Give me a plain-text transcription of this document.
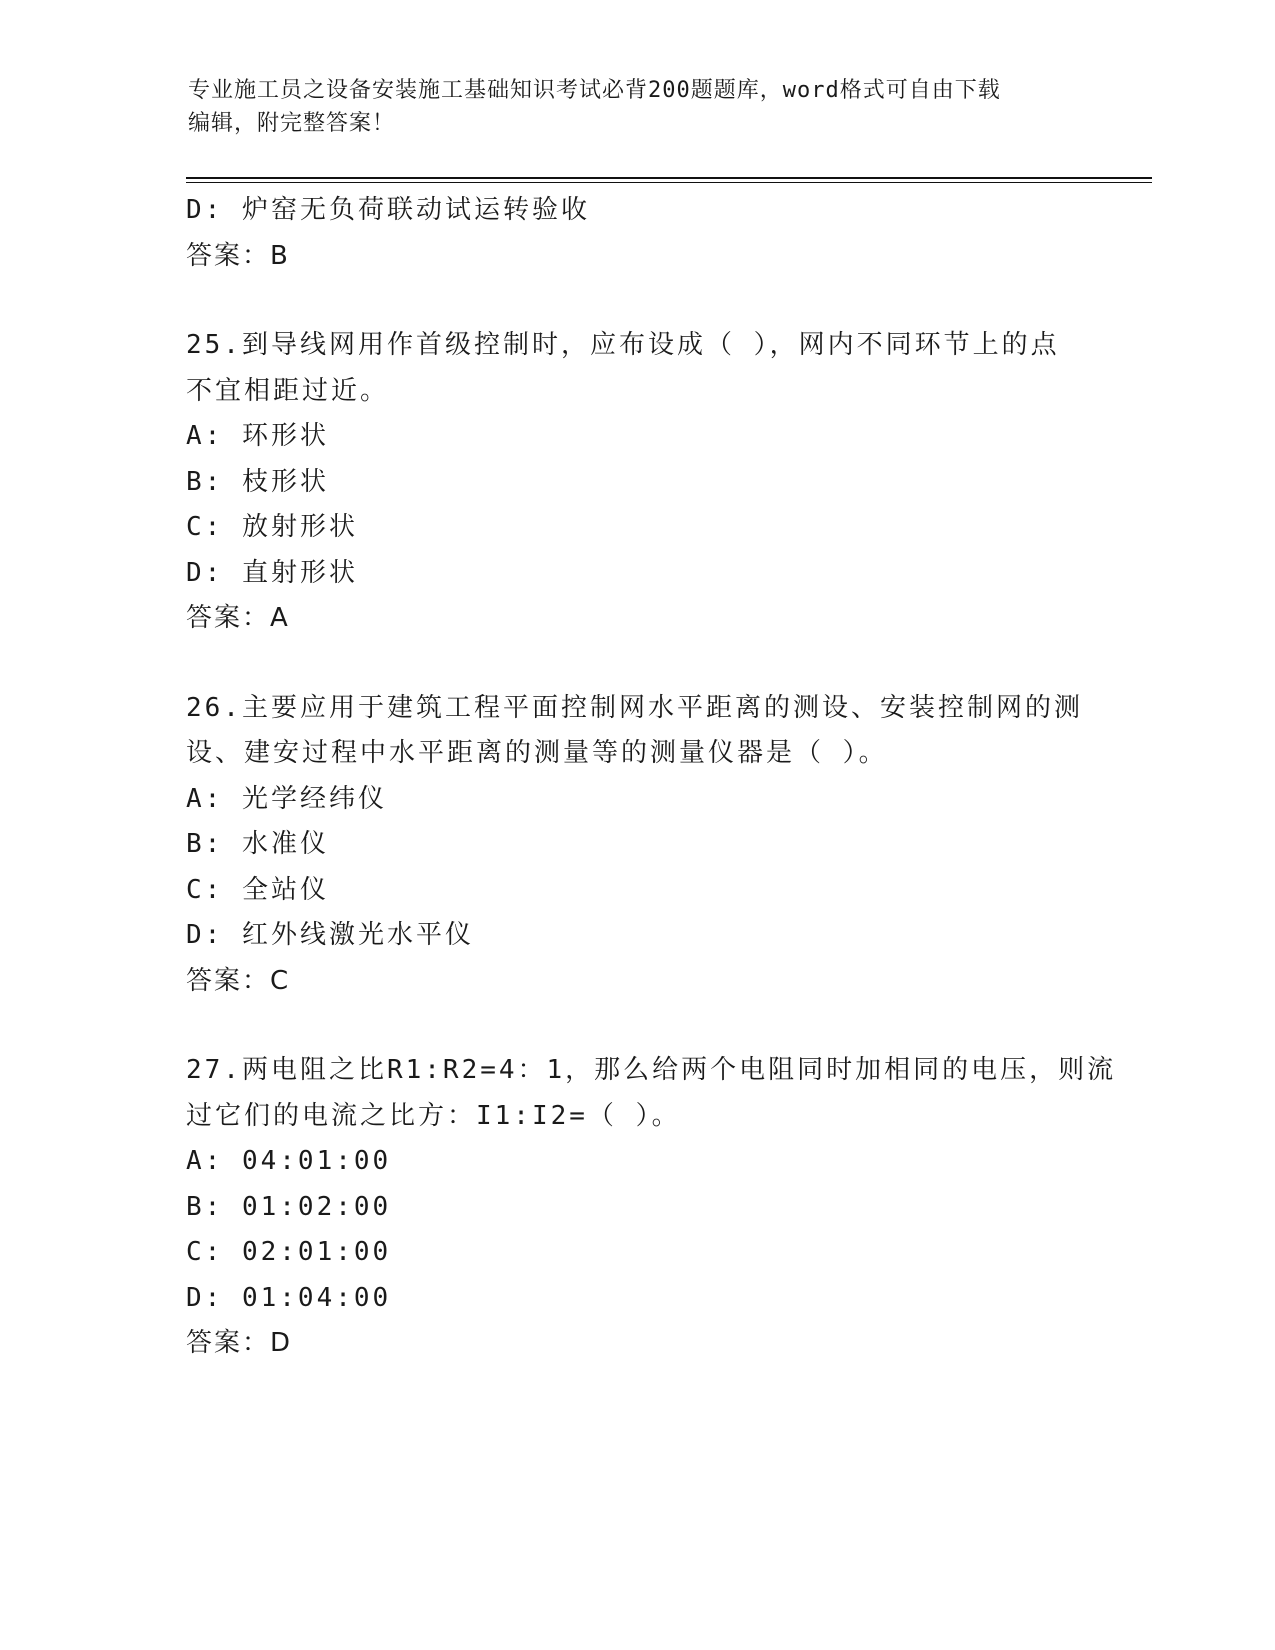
专业施工员之设备安装施工基础知识考试必背200题题库，word格式可自由下载
编辑，附完整答案！
D: 炉窑无负荷联动试运转验收
答案：B
25.到导线网用作首级控制时，应布设成（ ），网内不同环节上的点
不宜相距过近。
A: 环形状
B: 枝形状
C: 放射形状
D: 直射形状
答案：A
26.主要应用于建筑工程平面控制网水平距离的测设、安装控制网的测
设、建安过程中水平距离的测量等的测量仪器是（ ）。
A: 光学经纬仪
B: 水准仪
C: 全站仪
D: 红外线激光水平仪
答案：C
27.两电阻之比R1:R2=4：1，那么给两个电阻同时加相同的电压，则流
过它们的电流之比方：I1:I2=（ ）。
A: 04:01:00
B: 01:02:00
C: 02:01:00
D: 01:04:00
答案：D
